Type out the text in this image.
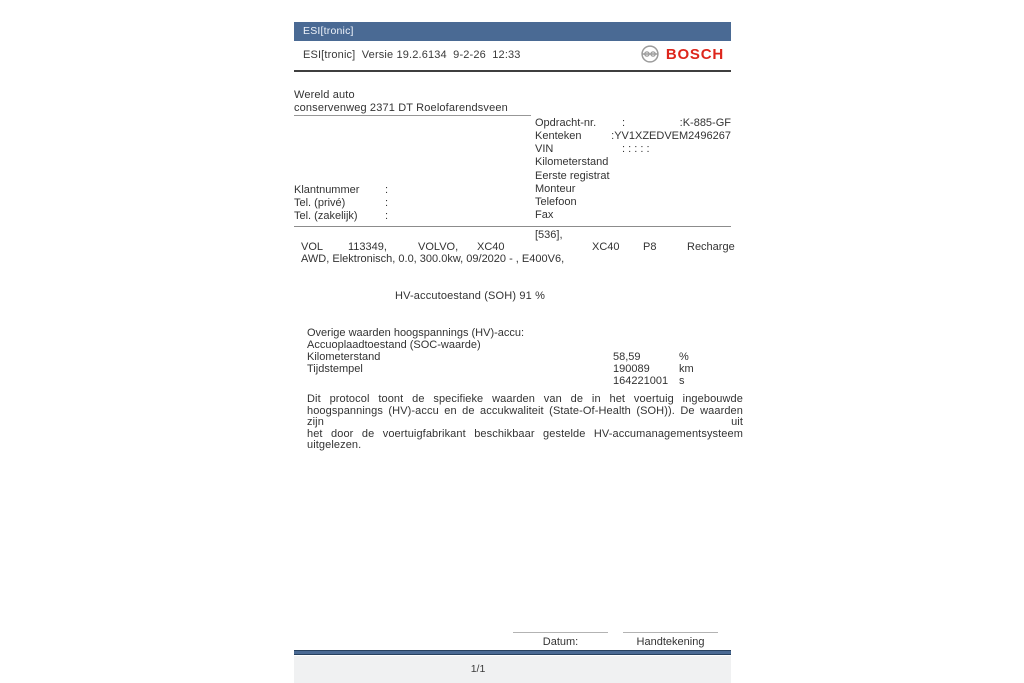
ESI[tronic]
ESI[tronic]  Versie 19.2.6134  9-2-26  12:33	BOSCH
Wereld auto
conservenweg 2371 DT Roelofarendsveen
Opdracht-nr. :	:K-885-GF
Kenteken	:YV1XZEDVEM2496267
VIN	: : : : :
Kilometerstand
Eerste registrat
Monteur
Telefoon
Fax
Klantnummer :
Tel. (privé)	:
Tel. (zakelijk) :
[536],
VOL 113349,	VOLVO, XC40	XC40 P8	Recharge
AWD, Elektronisch, 0.0, 300.0kw, 09/2020 - , E400V6,
HV-accutoestand (SOH) 91 %
Overige waarden hoogspannings (HV)-accu:
Accuoplaadtoestand (SOC-waarde)
Kilometerstand	58,59	%
Tijdstempel	190089	km
164221001 s
Dit protocol toont de specifieke waarden van de in het voertuig ingebouwde
hoogspannings (HV)-accu en de accukwaliteit (State-Of-Health (SOH)). De waarden zijn uit
het door de voertuigfabrikant beschikbaar gestelde HV-accumanagementsysteem
uitgelezen.
Datum:	Handtekening
1/1
